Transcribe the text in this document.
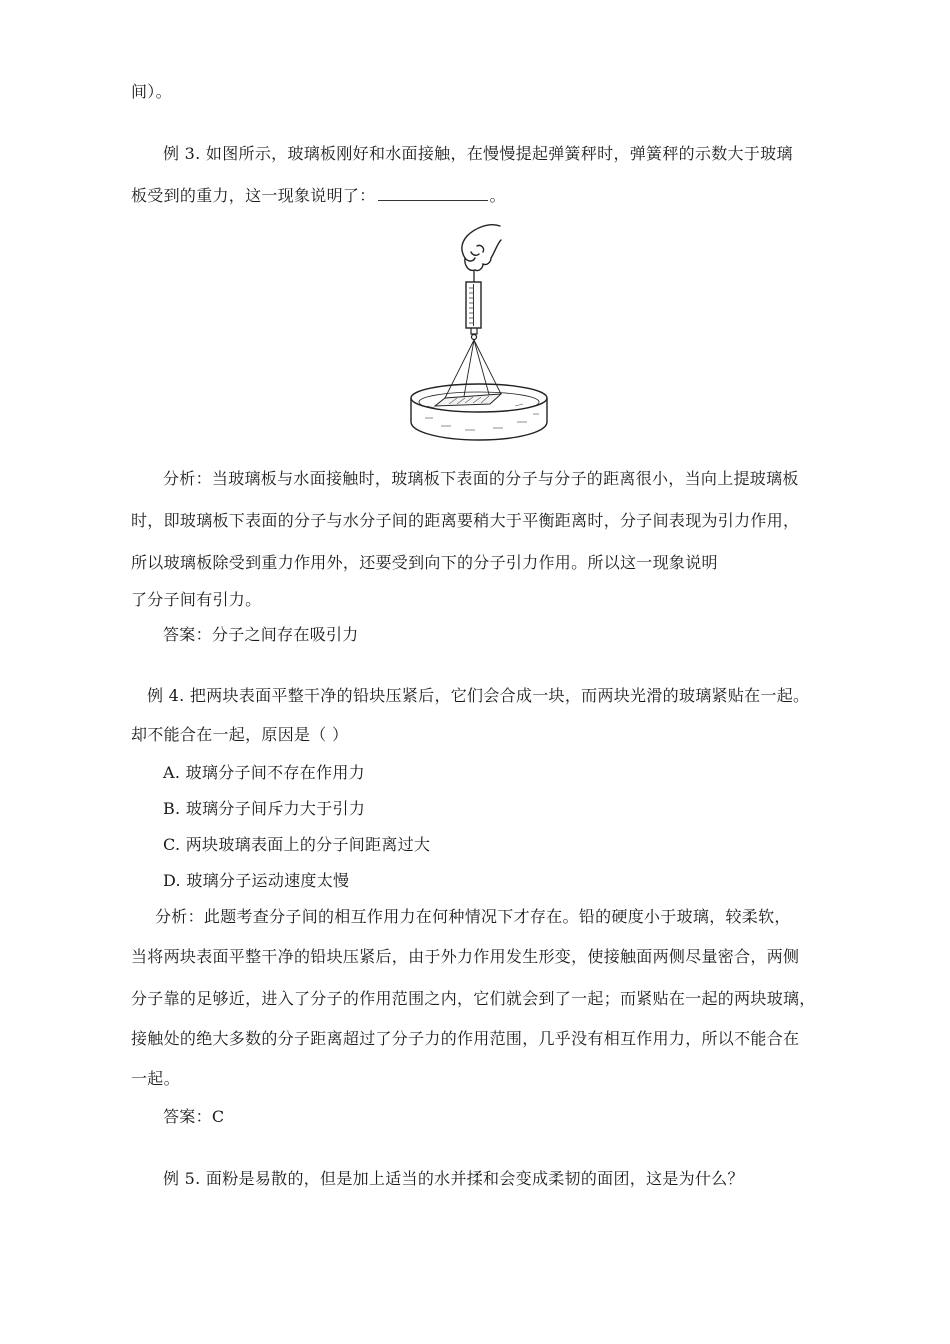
间）。
例 3. 如图所示，玻璃板刚好和水面接触，在慢慢提起弹簧秤时，弹簧秤的示数大于玻璃
板受到的重力，这一现象说明了：	。
分析：当玻璃板与水面接触时，玻璃板下表面的分子与分子的距离很小，当向上提玻璃板
时，即玻璃板下表面的分子与水分子间的距离要稍大于平衡距离时，分子间表现为引力作用，
所以玻璃板除受到重力作用外，还要受到向下的分子引力作用。所以这一现象说明
了分子间有引力。
答案：分子之间存在吸引力
例 4. 把两块表面平整干净的铅块压紧后，它们会合成一块，而两块光滑的玻璃紧贴在一起。
却不能合在一起，原因是（ ）
A. 玻璃分子间不存在作用力
B. 玻璃分子间斥力大于引力
C. 两块玻璃表面上的分子间距离过大
D. 玻璃分子运动速度太慢
分析：此题考查分子间的相互作用力在何种情况下才存在。铅的硬度小于玻璃，较柔软，
当将两块表面平整干净的铅块压紧后，由于外力作用发生形变，使接触面两侧尽量密合，两侧
分子靠的足够近，进入了分子的作用范围之内，它们就会到了一起；而紧贴在一起的两块玻璃，
接触处的绝大多数的分子距离超过了分子力的作用范围，几乎没有相互作用力，所以不能合在
一起。
答案：C
例 5. 面粉是易散的，但是加上适当的水并揉和会变成柔韧的面团，这是为什么？
